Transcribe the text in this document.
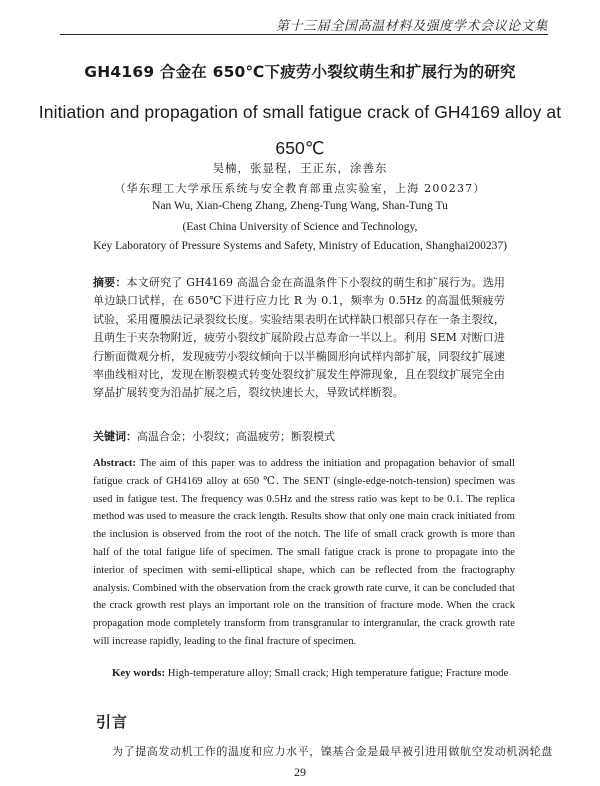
第十三届全国高温材料及强度学术会议论文集
GH4169 合金在 650℃下疲劳小裂纹萌生和扩展行为的研究
Initiation and propagation of small fatigue crack of GH4169 alloy at
650℃
吴楠，张显程，王正东，涂善东
（华东理工大学承压系统与安全教育部重点实验室，上海 200237）
Nan Wu, Xian-Cheng Zhang, Zheng-Tung Wang, Shan-Tung Tu
(East China University of Science and Technology,
Key Laboratory of Pressure Systems and Safety, Ministry of Education, Shanghai200237)
摘要：本文研究了 GH4169 高温合金在高温条件下小裂纹的萌生和扩展行为。选用单边缺口试样，在 650℃下进行应力比 R 为 0.1，频率为 0.5Hz 的高温低频疲劳试验，采用覆膜法记录裂纹长度。实验结果表明在试样缺口根部只存在一条主裂纹，且萌生于夹杂物附近，疲劳小裂纹扩展阶段占总寿命一半以上。利用 SEM 对断口进行断面微观分析，发现疲劳小裂纹倾向于以半椭圆形向试样内部扩展，同裂纹扩展速率曲线相对比，发现在断裂模式转变处裂纹扩展发生停滞现象，且在裂纹扩展完全由穿晶扩展转变为沿晶扩展之后，裂纹快速长大，导致试样断裂。
关键词：高温合金；小裂纹；高温疲劳；断裂模式
Abstract: The aim of this paper was to address the initiation and propagation behavior of small fatigue crack of GH4169 alloy at 650 ℃. The SENT (single-edge-notch-tension) specimen was used in fatigue test. The frequency was 0.5Hz and the stress ratio was kept to be 0.1. The replica method was used to measure the crack length. Results show that only one main crack initiated from the inclusion is observed from the root of the notch. The life of small crack growth is more than half of the total fatigue life of specimen. The small fatigue crack is prone to propagate into the interior of specimen with semi-elliptical shape, which can be reflected from the fractography analysis. Combined with the observation from the crack growth rate curve, it can be concluded that the crack growth rest plays an important role on the transition of fracture mode. When the crack propagation mode completely transform from transgranular to intergranular, the crack growth rate will increase rapidly, leading to the final fracture of specimen.
Key words: High-temperature alloy; Small crack; High temperature fatigue; Fracture mode
引言
为了提高发动机工作的温度和应力水平，镍基合金是最早被引进用做航空发动机涡轮盘
29
